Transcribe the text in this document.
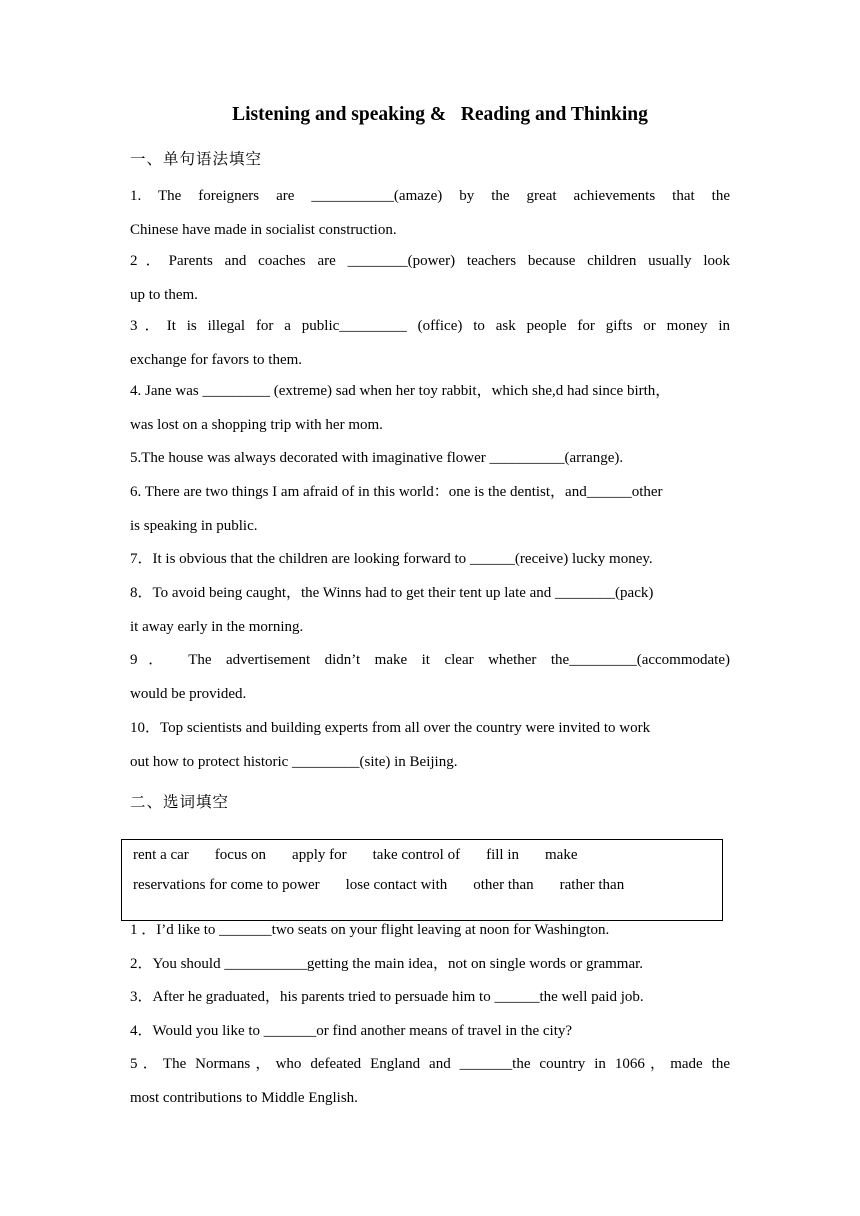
Listening and speaking &   Reading and Thinking
一、单句语法填空
1. The foreigners are ___________(amaze) by the great achievements that the
Chinese have made in socialist construction.
2．Parents and coaches are ________(power) teachers because children usually look
up to them.
3．It is illegal for a public_________ (office) to ask people for gifts or money in
exchange for favors to them.
4. Jane was _________ (extreme) sad when her toy rabbit，which she,d had since birth，
was lost on a shopping trip with her mom.
5.The house was always decorated with imaginative flower __________(arrange).
6. There are two things I am afraid of in this world：one is the dentist，and______other
is speaking in public.
7．It is obvious that the children are looking forward to ______(receive) lucky money.
8．To avoid being caught，the Winns had to get their tent up late and ________(pack)
it away early in the morning.
9． The advertisement didn’t make it clear whether the_________(accommodate)
would be provided.
10．Top scientists and building experts from all over the country were invited to work
out how to protect historic _________(site) in Beijing.
二、选词填空
rent a car focus on apply for take control of fill in make
reservations for come to power lose contact with other than rather than
1 ．I’d like to _______two seats on your flight leaving at noon for Washington.
2．You should ___________getting the main idea，not on single words or grammar.
3．After he graduated，his parents tried to persuade him to ______the well paid job.
4．Would you like to _______or find another means of travel in the city?
5．The Normans，who defeated England and _______the country in 1066，made the
most contributions to Middle English.
